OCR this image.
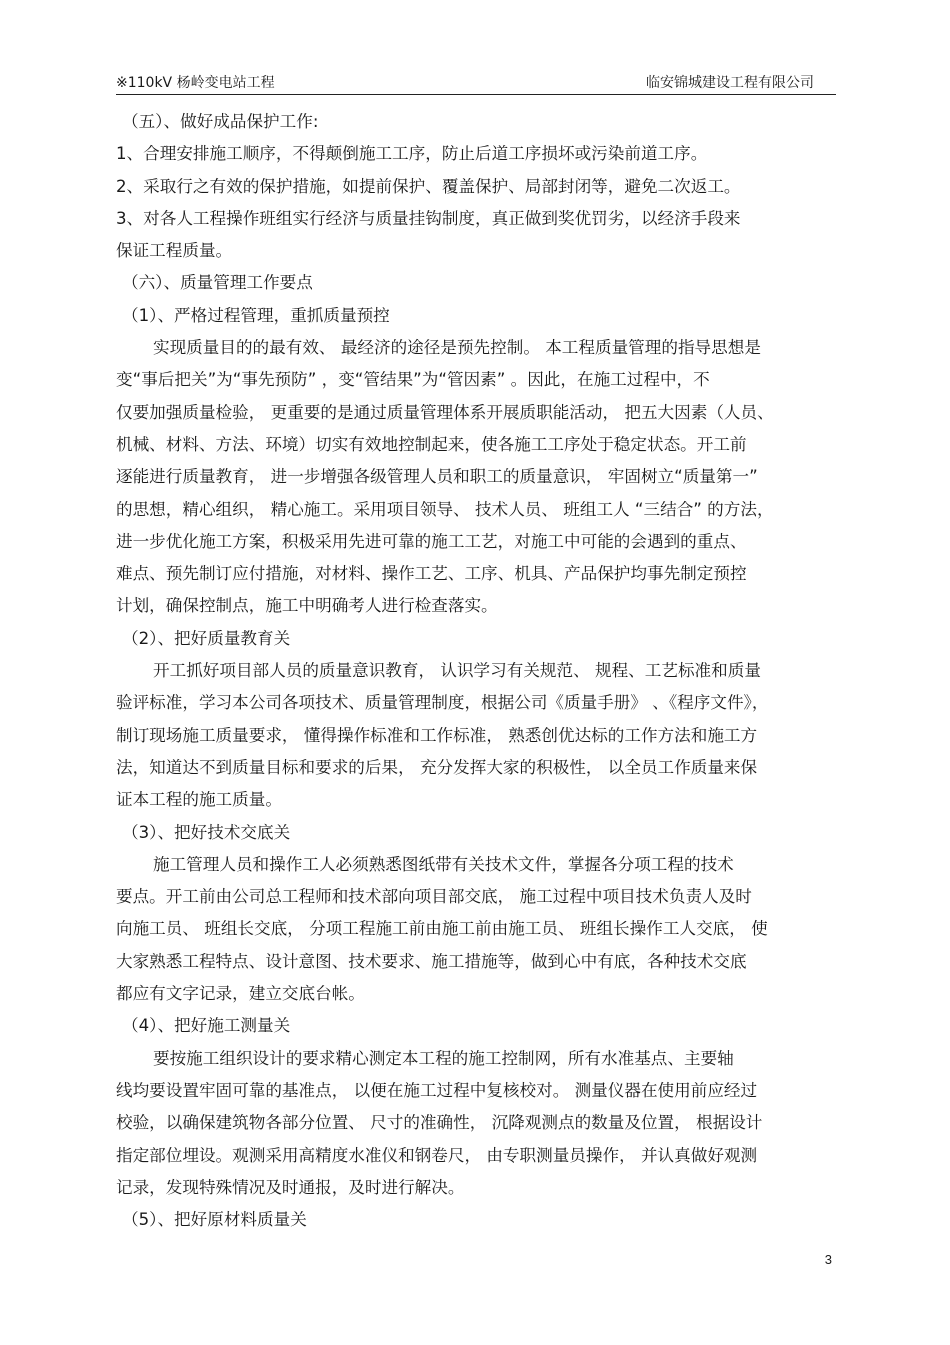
※110kV 杨岭变电站工程	临安锦城建设工程有限公司
（五）、做好成品保护工作:
1、合理安排施工顺序，不得颠倒施工工序，防止后道工序损坏或污染前道工序。
2、采取行之有效的保护措施，如提前保护、覆盖保护、局部封闭等，避免二次返工。
3、对各人工程操作班组实行经济与质量挂钩制度，真正做到奖优罚劣，以经济手段来
保证工程质量。
（六）、质量管理工作要点
（1）、严格过程管理，重抓质量预控
实现质量目的的最有效、 最经济的途径是预先控制。 本工程质量管理的指导思想是
变“事后把关”为“事先预防” ，变“管结果”为“管因素” 。因此，在施工过程中，不
仅要加强质量检验， 更重要的是通过质量管理体系开展质职能活动， 把五大因素（人员、
机械、材料、方法、环境）切实有效地控制起来，使各施工工序处于稳定状态。开工前
逐能进行质量教育， 进一步增强各级管理人员和职工的质量意识， 牢固树立“质量第一”
的思想，精心组织， 精心施工。采用项目领导、 技术人员、 班组工人 “三结合” 的方法，
进一步优化施工方案，积极采用先进可靠的施工工艺，对施工中可能的会遇到的重点、
难点、预先制订应付措施，对材料、操作工艺、工序、机具、产品保护均事先制定预控
计划，确保控制点，施工中明确考人进行检查落实。
（2）、把好质量教育关
开工抓好项目部人员的质量意识教育， 认识学习有关规范、 规程、工艺标准和质量
验评标准，学习本公司各项技术、质量管理制度，根据公司《质量手册》 、《程序文件》，
制订现场施工质量要求， 懂得操作标准和工作标准， 熟悉创优达标的工作方法和施工方
法，知道达不到质量目标和要求的后果， 充分发挥大家的积极性， 以全员工作质量来保
证本工程的施工质量。
（3）、把好技术交底关
施工管理人员和操作工人必须熟悉图纸带有关技术文件，掌握各分项工程的技术
要点。开工前由公司总工程师和技术部向项目部交底， 施工过程中项目技术负责人及时
向施工员、 班组长交底， 分项工程施工前由施工前由施工员、 班组长操作工人交底， 使
大家熟悉工程特点、设计意图、技术要求、施工措施等，做到心中有底，各种技术交底
都应有文字记录，建立交底台帐。
（4）、把好施工测量关
要按施工组织设计的要求精心测定本工程的施工控制网，所有水准基点、主要轴
线均要设置牢固可靠的基准点， 以便在施工过程中复核校对。 测量仪器在使用前应经过
校验，以确保建筑物各部分位置、 尺寸的准确性， 沉降观测点的数量及位置， 根据设计
指定部位埋设。观测采用高精度水准仪和钢卷尺， 由专职测量员操作， 并认真做好观测
记录，发现特殊情况及时通报，及时进行解决。
（5）、把好原材料质量关
3
